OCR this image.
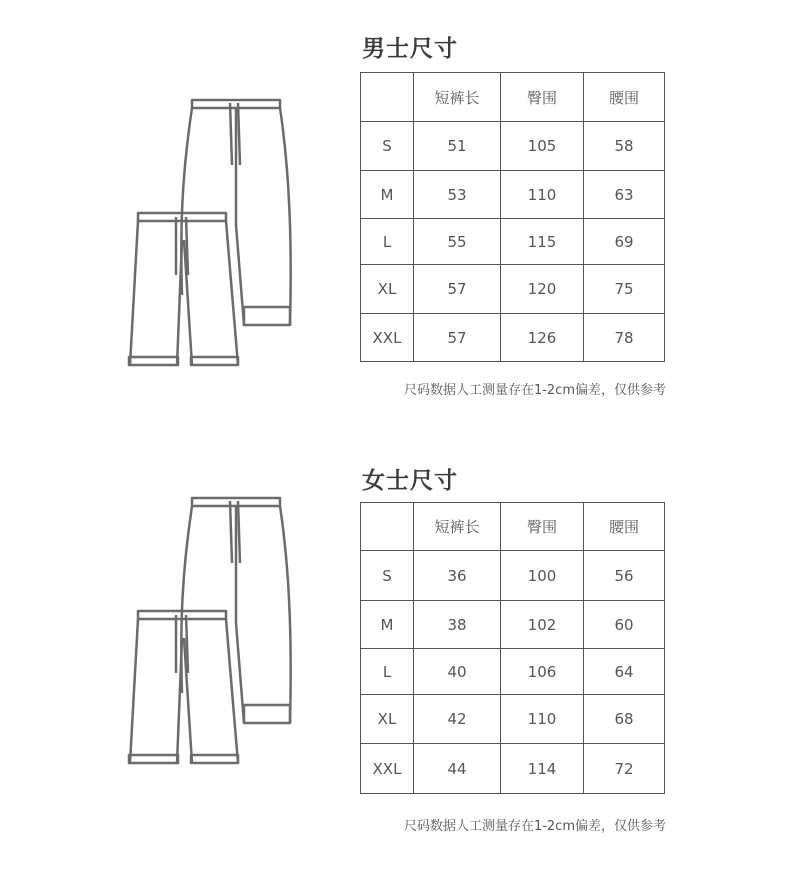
男士尺寸
	短裤长	臀围	腰围
S	51	105	58
M	53	110	63
L	55	115	69
XL	57	120	75
XXL	57	126	78

尺码数据人工测量存在1-2cm偏差，仅供参考

女士尺寸
	短裤长	臀围	腰围
S	36	100	56
M	38	102	60
L	40	106	64
XL	42	110	68
XXL	44	114	72

尺码数据人工测量存在1-2cm偏差，仅供参考
